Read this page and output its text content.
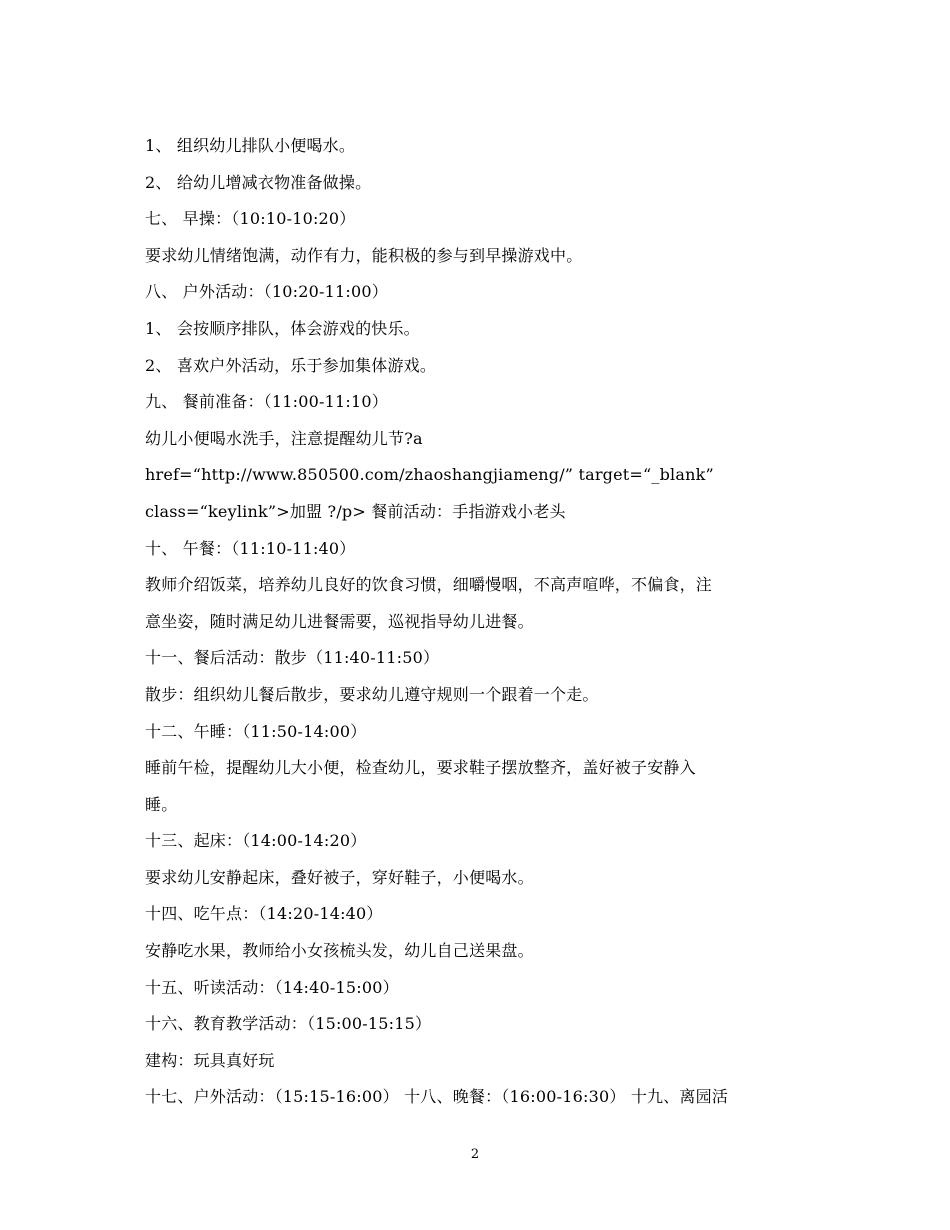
1、 组织幼儿排队小便喝水。
2、 给幼儿增减衣物准备做操。
七、 早操：（10:10-10:20）
要求幼儿情绪饱满，动作有力，能积极的参与到早操游戏中。
八、 户外活动：（10:20-11:00）
1、 会按顺序排队，体会游戏的快乐。
2、 喜欢户外活动，乐于参加集体游戏。
九、 餐前准备：（11:00-11:10）
幼儿小便喝水洗手，注意提醒幼儿节?a
href=“http://www.850500.com/zhaoshangjiameng/” target=“_blank”
class=“keylink”>加盟 ?/p> 餐前活动：手指游戏小老头
十、 午餐：（11:10-11:40）
教师介绍饭菜，培养幼儿良好的饮食习惯，细嚼慢咽，不高声喧哗，不偏食，注
意坐姿，随时满足幼儿进餐需要，巡视指导幼儿进餐。
十一、餐后活动：散步（11:40-11:50）
散步：组织幼儿餐后散步，要求幼儿遵守规则一个跟着一个走。
十二、午睡：（11:50-14:00）
睡前午检，提醒幼儿大小便，检查幼儿，要求鞋子摆放整齐，盖好被子安静入
睡。
十三、起床：（14:00-14:20）
要求幼儿安静起床，叠好被子，穿好鞋子，小便喝水。
十四、吃午点：（14:20-14:40）
安静吃水果，教师给小女孩梳头发，幼儿自己送果盘。
十五、听读活动：（14:40-15:00）
十六、教育教学活动：（15:00-15:15）
建构：玩具真好玩
十七、户外活动：（15:15-16:00） 十八、晚餐：（16:00-16:30） 十九、离园活
2
